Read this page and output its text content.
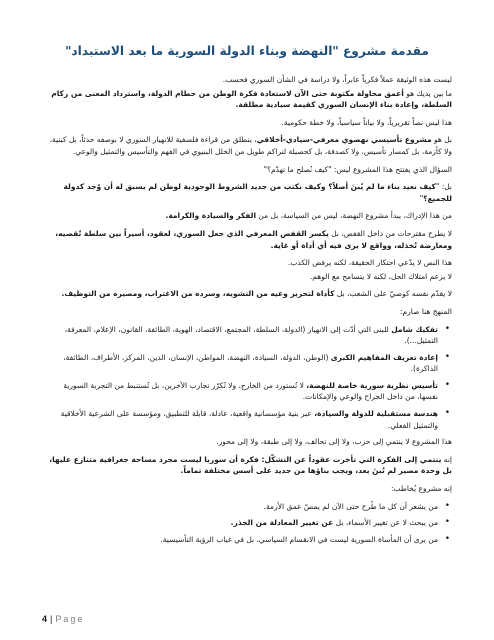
مقدمة مشروع "النهضة وبناء الدولة السورية ما بعد الاستبداد"

ليست هذه الوثيقة عملاً فكرياً عابراً، ولا دراسة في الشأن السوري فحسب.

ما بين يديك هو أعمق محاولة مكتوبة حتى الآن لاستعادة فكرة الوطن من حطام الدولة، واسترداد المعنى من ركام السلطة، وإعادة بناء الإنسان السوري كقيمة سيادية مطلقة.

هذا ليس نصاً تقريرياً، ولا بياناً سياسياً، ولا خطة حكومية.

بل هو مشروع تأسيسي نهضوي معرفي-سيادي-أخلاقي، ينطلق من قراءة فلسفية للانهيار السوري لا بوصفه حدثاً، بل كبنية، ولا كأزمة، بل كمسار تأسيس، ولا كصدفة، بل كحصيلة لتراكم طويل من الخلل البنيوي في الفهم والتأسيس والتمثيل والوعي.

السؤال الذي يفتتح هذا المشروع ليس: "كيف نُصلح ما تهدّم؟"

بل: "كيف نعيد بناء ما لم يُبنَ أصلاً؟ وكيف نكتب من جديد الشروط الوجودية لوطن لم يسبق له أن وُجد كدولة للجميع؟"

من هذا الإدراك، يبدأ مشروع النهضة، ليس من السياسة، بل من الفكر والسيادة والكرامة.

لا يطرح مقترحات من داخل القفص، بل يكسر القفص المعرفي الذي جعل السوري، لعقود، أسيراً بين سلطة تُقصيه، ومعارضة تُخذله، وواقع لا يرى فيه أي أداة أو غاية.

هذا النص لا يدّعي احتكار الحقيقة، لكنه يرفض الكذب.

لا يزعم امتلاك الحل، لكنه لا يتسامح مع الوهم.

لا يقدّم نفسه كوصيّ على الشعب، بل كأداة لتحرير وعيه من التشويه، وسرده من الاغتراب، ومصيره من التوظيف.

المنهج هنا صارم:

• تفكيك شامل للبنى التي أدّت إلى الانهيار (الدولة، السلطة، المجتمع، الاقتصاد، الهوية، الطائفة، القانون، الإعلام، المعرفة، التمثيل...).
• إعادة تعريف المفاهيم الكبرى (الوطن، الدولة، السيادة، النهضة، المواطن، الإنسان، الدين، المركز، الأطراف، الطائفة، الذاكرة).
• تأسيس نظرية سورية خاصة للنهضة، لا تُستورد من الخارج، ولا تُكرّر تجارب الآخرين، بل تُستنبط من التجربة السورية نفسها، من داخل الجراح والوعي والإمكانات.
• هندسة مستقبلية للدولة والسيادة، عبر بنية مؤسساتية واقعية، عادلة، قابلة للتطبيق، ومؤسسة على الشرعية الأخلاقية والتمثيل الفعلي.

هذا المشروع لا ينتمي إلى حزب، ولا إلى تحالف، ولا إلى طبقة، ولا إلى محور.

إنه ينتمي إلى الفكرة التي تأخرت عقوداً عن التشكّل: فكرة أن سوريا ليست مجرد مساحة جغرافية متنازع عليها، بل وحدة مصير لم تُبنَ بعد، ويجب بناؤها من جديد على أسس مختلفة تماماً.

إنه مشروع يُخاطب:

• من يشعر أن كل ما طُرح حتى الآن لم يمسّ عمق الأزمة.
• من يبحث لا عن تغيير الأسماء، بل عن تغيير المعادلة من الجذر.
• من يرى أن المأساة السورية ليست في الانقسام السياسي، بل في غياب الرؤية التأسيسية.
4 | Page
